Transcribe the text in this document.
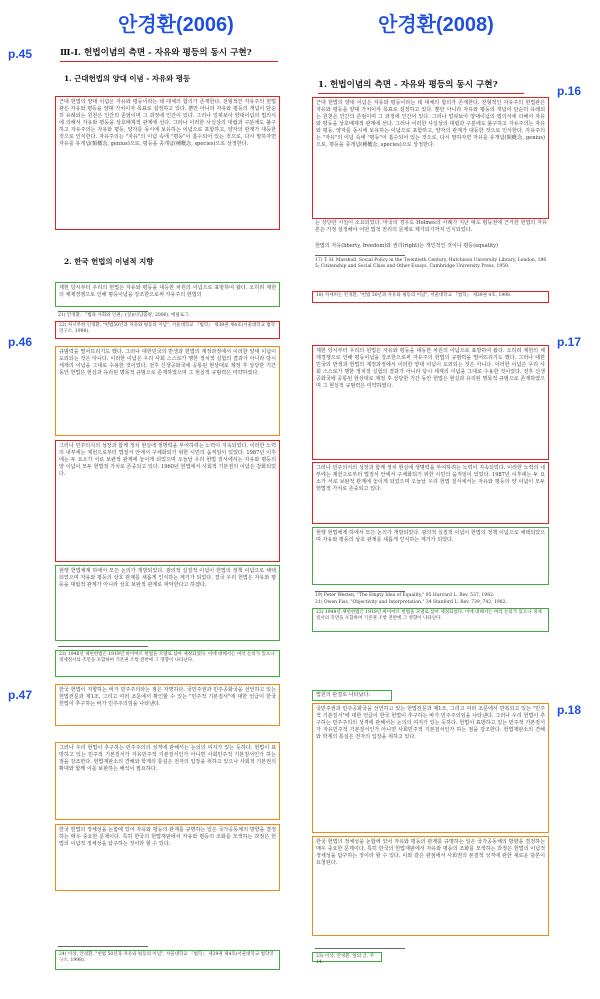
안경환(2006)	안경환(2008)
p.45
p.16
p.46	p.17
p.47
p.18
Ⅲ-Ⅰ. 헌법이념의 측면 - 자유와 평등의 동시 구현?
1. 근대헌법의 양대 이념 - 자유와 평등
근대 헌법의 양대 이념은 자유와 평등이라는 데 대체의 합의가 존재한다. 전형적인 자유주의 헌법관은 자유와 평등을 양대 가치이자 목표로 설정하고 있다. 뿐만 아니라 자유와 평등의 개념이 단순히 유래되는 원천은 인간의 존엄이며 그 과정에 인간이 있다. 그러나 얼핏보아 양대이념의 법의식에 의해서 자유와 평등을 상호배제적 관계에 선다. 그러나 이러한 사실상의 대립과 구분에도 불구하고 자유주의는 자유와 평등, 양자를 동시에 보유하는 이념으로 포함하고, 양자의 관계가 대등한 것으로 인식한다. 자유주의는 "자유"의 이념 속에 "평등"이 흡수되어 있는 것으로, 다시 말하자면 자유를 유개념(類概念, genius)으로, 평등을 종개념(種概念, species)으로 상정한다.
2. 한국 헌법의 이념적 지향
제헌 당시부터 우리의 헌법은 자유와 평등을 대등한 차원의 이념으로 표방하여 왔다. 오히려 제헌의 체제경쟁으로 인해 평등이념을 강조한으로써 자유주의 헌법의
21) 안경환, 『법과 사회와 인권』(상)(나남출판, 2006), 에필로그.
22) 차시무한 인경환, "헌법50년과 자유와 평등의 이념", 서울대학교 『법학』 제39권 제4호(서울대학교 법학연구소, 1998).
규범력을 떨어뜨리기도 했다. 그러나 대한민국의 반생과 헌법의 계정과정에서 이러한 양대 이념이 도외되는 것은 아니다. 이러한 이념은 우리 사회 스스로가 행한 정치적 실험의 결과가 아니라 당시 세계의 이념을 그대로 수용한 것이었다. 전후 신생공화국에 공통된 현상대로 제정 후 상당한 기간 동안 헌법은 현실과 유리된 명목적 규범으로 존재하였으며 그 현실적 규범력은 미약하였다.
그러나 민주의식의 성장과 함께 정치 현실에 생명력을 부여하려는 노력이 지속되었다. 이러한 노력의 내부에는 제헌으로부터 법질서 안에서 구체화되기 위한 시민의 움직임이 있었다. 1987년 이후에는 두 요소가 서로 보완적 관계에 놓이게 되었으며 오늘날 우리 헌법 질서에서는 자유와 평등의 양 이념이 모두 헌법적 가치로 존중되고 있다. 1960년 헌법에서 사회적 기본권의 이념은 강화되었다.
현행 헌법체계 하에서 모든 논의가 개방되었다. 광의적 실질적 이념이 헌법의 정책 이념으로 채택되었으며 자유와 평등의 상호 관계를 새롭게 인식하는 계기가 되었다. 결국 우리 헌법은 자유와 평등을 대립적 관계가 아니라 상호 보완적 관계로 파악한다고 하겠다.
23) 1948년 제헌헌법은 1919년 바이마르 헌법을 모델로 삼아 제정되었다. 이에 대해서는 여러 논의가 있으나 경제질서의 측면을 포함하여 기본권 조항 전반에 그 영향이 나타난다.
한국 헌법이 지향하는 바가 민주주의라는 점은 자명하다. 국민주권과 민주공화국을 선언하고 있는 헌법전문과 제1조, 그리고 여러 조문에서 확인할 수 있는 "민주적 기본질서"에 대한 언급이 한국 헌법이 추구하는 바가 민주주의임을 나타낸다.
그러나 우리 헌법이 추구하는 민주주의의 성격에 관해서는 논의의 여지가 있는 듯하다. 헌법이 표방하고 있는 민주적 기본질서가 자유민주적 기본질서인가 아니면 사회민주적 기본질서인가 하는 점을 강조한다. 헌법재판소의 견해와 학계의 통설은 전자의 입장을 취하고 있으나 사회적 기본권의 확대와 함께 이를 보완하는 해석이 필요하다.
한국 헌법의 정체성을 논함에 있어 자유와 평등의 관계를 규명하는 일은 국가공동체의 방향을 결정하는 매우 중요한 문제이다. 특히 한국의 헌법재판에서 자유와 평등의 조화를 모색하는 과정은 헌법의 이념적 정체성을 탐구하는 것이라 할 수 있다.
24) 이상, 안경환, "헌법 50년과 자유와 평등의 이념", 서울대학교 『법학』 제39권 제4호(서울대학교 법학연구소, 1998).
1. 헌법이념의 측면 - 자유와 평등의 동시 구현?
근대 헌법의 양대 이념은 자유와 평등이라는 데 대체의 합의가 존재한다. 전형적인 자유주의 헌법관은 자유와 평등을 양대 가치이자 목표로 설정하고 있다. 뿐만 아니라 자유와 평등의 개념이 단순히 유래되는 원천은 인간의 존엄이며 그 과정에 인간이 있다. 그러나 얼핏보아 양대이념의 법의식에 의해서 자유와 평등을 상호배제적 관계에 선다. 그러나 이러한 사실상의 대립과 구분에도 불구하고 자유주의는 자유와 평등, 양자를 동시에 보유하는 이념으로 포함하고, 양자의 관계가 대등한 것으로 인식한다. 자유주의는 "자유"의 이념 속에 "평등"이 흡수되어 있는 것으로, 다시 말하자면 자유를 유개념(類概念, genius)으로, 평등을 종개념(種概念, species)으로 상정한다.
는 상당한 시일이 소요되었다. 마국의 경우도 Holmes의 사례가 지난 예도 평등권에 근거한 헌법의 자유론은 가정 설정해야 어떤 법적 권리의 문제로 제기되기까지 인식되었다.
헌법의 자유(liberty, freedom)와 권리(right)는 개인적인 것이나 평등(equality)
17) T. H. Marshall, Social Policy in the Twentieth Century, Hutchison University Library, London, 1965; Citizenship and Social Class and Other Essays, Cambridge University Press, 1950.
18) 자세히는 안경환, "헌법 50년과 자유와 평등의 이념", 서울대학교 『법학』 제39권 4호, 1998.
제헌 당시부터 우리의 헌법은 자유와 평등을 대등한 차원의 이념으로 표방하여 왔다. 오히려 제헌의 체제경쟁으로 인해 평등이념을 강조한으로써 자유주의 헌법의 규범력을 떨어뜨리기도 했다. 그러나 대한민국의 반생과 헌법의 계정과정에서 이러한 양대 이념이 도외되는 것은 아니다. 이러한 이념은 우리 사회 스스로가 행한 정치적 실험의 결과가 아니라 당시 세계의 이념을 그대로 수용한 것이었다. 전후 신생공화국에 공통된 현상대로 제정 후 상당한 기간 동안 헌법은 현실과 유리된 명목적 규범으로 존재하였으며 그 현실적 규범력은 미약하였다.
그러나 민주의식의 성장과 함께 정치 현실에 생명력을 부여하려는 노력이 지속되었다. 이러한 노력의 내부에는 제헌으로부터 법질서 안에서 구체화되기 위한 시민의 움직임이 있었다. 1987년 이후에는 두 요소가 서로 보완적 관계에 놓이게 되었으며 오늘날 우리 헌법 질서에서는 자유와 평등의 양 이념이 모두 헌법적 가치로 존중되고 있다.
현행 헌법체계 하에서 모든 논의가 개방되었다. 광의적 실질적 이념이 헌법의 정책 이념으로 채택되었으며 자유와 평등의 상호 관계를 새롭게 인식하는 계기가 되었다.
19) Peter Westen, "The Empty Idea of Equality," 95 Harvard L. Rev. 537, 1982.
21) Owen Fiss, "Objectivity and Interpretation," 34 Stanford L. Rev. 739, 742, 1982.
22) 1948년 제헌헌법은 1919년 바이마르 헌법을 모델로 삼아 제정되었다. 이에 대해서는 여러 논의가 있으나 경제질서의 측면을 포함하여 기본권 조항 전반에 그 영향이 나타난다.
법원의 판결로 나타났다.
국민주권과 민주공화국을 선언하고 있는 헌법전문과 제1조, 그리고 여러 조문에서 반복되고 있는 "민주적 기본질서"에 대한 언급이 한국 헌법이 추구하는 바가 민주주의임을 나타낸다. 그러나 우리 헌법이 추구하는 민주주의의 성격에 관해서는 논의의 여지가 있는 듯하다. 헌법이 표방하고 있는 민주적 기본질서가 자유민주적 기본질서인가 아니면 사회민주적 기본질서인가 하는 점을 강조한다. 헌법재판소의 견해와 학계의 통설은 전자의 입장을 취하고 있다.
한국 헌법의 정체성을 논함에 있어 자유와 평등의 관계를 규명하는 일은 국가공동체의 방향을 결정하는 매우 중요한 문제이다. 특히 한국의 헌법재판에서 자유와 평등의 조화를 모색하는 과정은 헌법의 이념적 정체성을 탐구하는 것이라 할 수 있다. 이와 같은 관점에서 사회권의 본질적 성격에 관한 새로운 담론이 요청된다.
23) 이상, 안경환, 앞의 글, 주 14.
